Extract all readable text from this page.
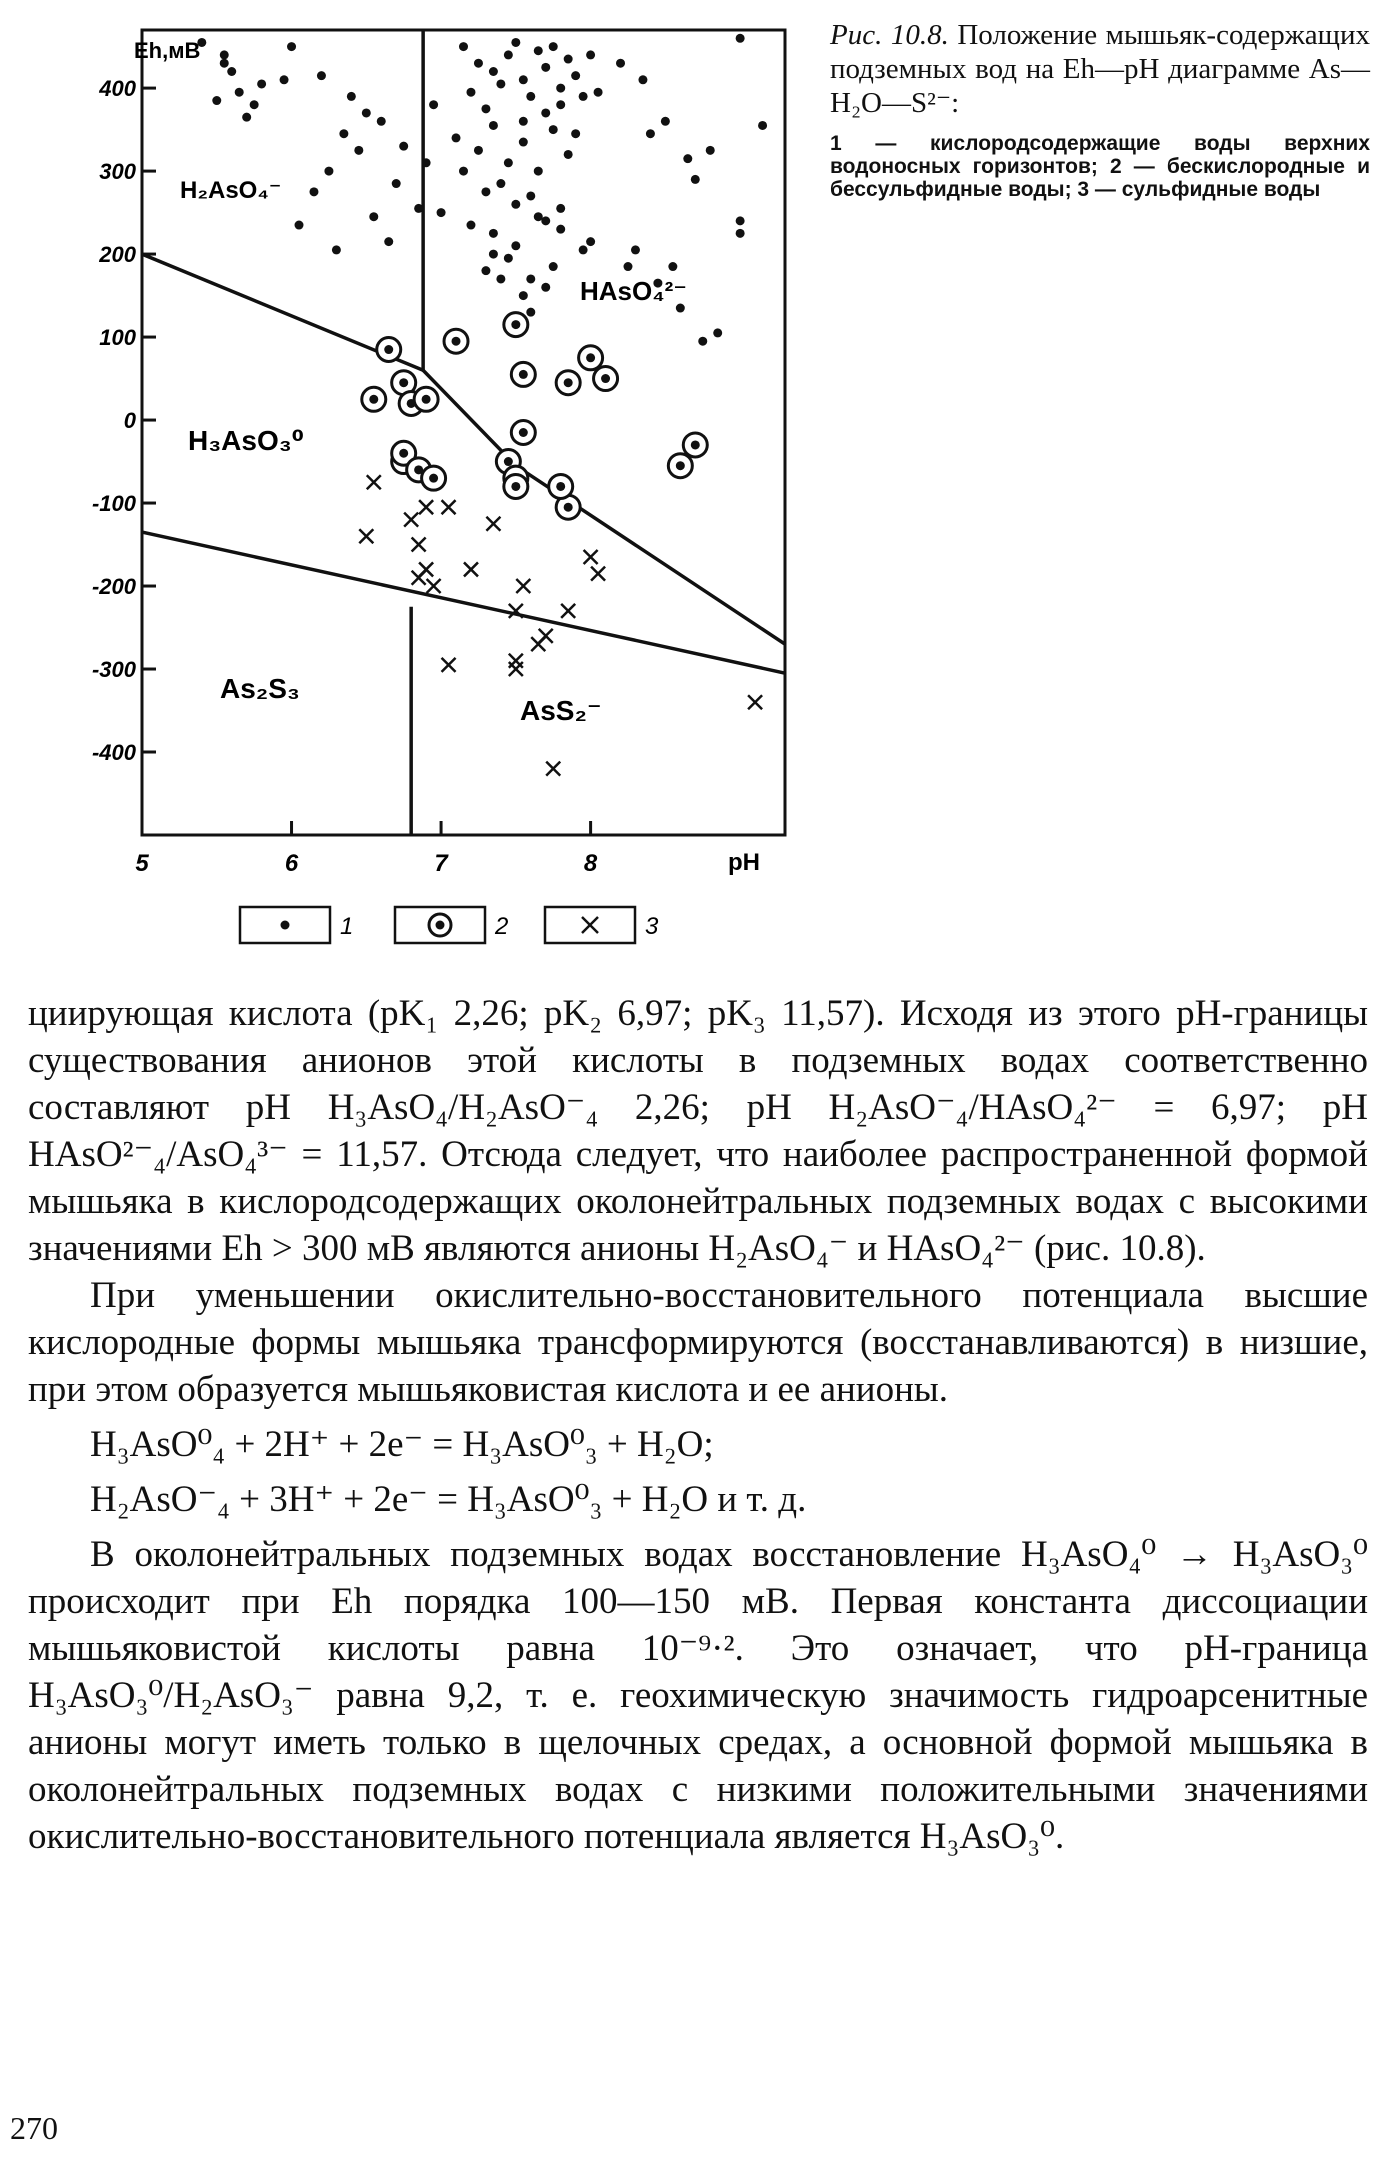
400
300
200
100
0
-100
-200
-300
-400
5	6	7	8
Eh,мВ
pH
H₂AsO₄⁻
HAsO₄²⁻
H₃AsO₃⁰
As₂S₃
AsS₂⁻
1	2	3
Рис. 10.8. Положение мышьяк-содержащих подземных вод на Eh—pH диаграмме As—H₂O—S²⁻:
1 — кислородсодержащие воды верхних водоносных горизонтов; 2 — бескислородные и бессульфидные воды; 3 — сульфидные воды

циирующая кислота (pK₁ 2,26; pK₂ 6,97; pK₃ 11,57). Исходя из этого pH-границы существования анионов этой кислоты в подземных водах соответственно составляют pH H₃AsO₄/H₂AsO⁻₄ 2,26; pH H₂AsO⁻₄/HAsO₄²⁻ = 6,97; pH HAsO²⁻₄/AsO₄³⁻ = 11,57. Отсюда следует, что наиболее распространенной формой мышьяка в кислородсодержащих околонейтральных подземных водах с высокими значениями Eh > 300 мВ являются анионы H₂AsO₄⁻ и HAsO₄²⁻ (рис. 10.8).

При уменьшении окислительно-восстановительного потенциала высшие кислородные формы мышьяка трансформируются (восстанавливаются) в низшие, при этом образуется мышьяковистая кислота и ее анионы.

H₃AsO⁰₄ + 2H⁺ + 2e⁻ = H₃AsO⁰₃ + H₂O;
H₂AsO⁻₄ + 3H⁺ + 2e⁻ = H₃AsO⁰₃ + H₂O и т. д.

В околонейтральных подземных водах восстановление H₃AsO₄⁰ → H₃AsO₃⁰ происходит при Eh порядка 100—150 мВ. Первая константа диссоциации мышьяковистой кислоты равна 10⁻⁹·². Это означает, что pH-граница H₃AsO₃⁰/H₂AsO₃⁻ равна 9,2, т. е. геохимическую значимость гидроарсенитные анионы могут иметь только в щелочных средах, а основной формой мышьяка в околонейтральных подземных водах с низкими положительными значениями окислительно-восстановительного потенциала является H₃AsO₃⁰.

270
